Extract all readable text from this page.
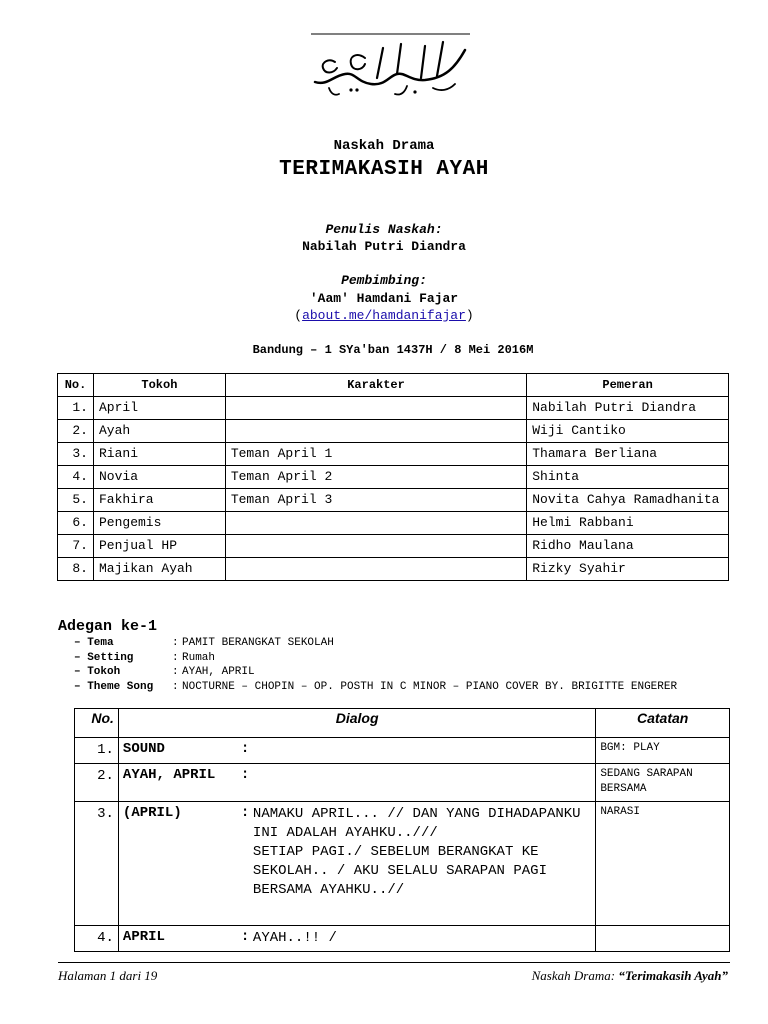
Naskah Drama
TERIMAKASIH AYAH
Penulis Naskah:
Nabilah Putri Diandra
Pembimbing:
'Aam' Hamdani Fajar
(about.me/hamdanifajar)
Bandung – 1 SYa'ban 1437H / 8 Mei 2016M
No.	Tokoh	Karakter	Pemeran
1.	April		Nabilah Putri Diandra
2.	Ayah		Wiji Cantiko
3.	Riani	Teman April 1	Thamara Berliana
4.	Novia	Teman April 2	Shinta
5.	Fakhira	Teman April 3	Novita Cahya Ramadhanita
6.	Pengemis		Helmi Rabbani
7.	Penjual HP		Ridho Maulana
8.	Majikan Ayah		Rizky Syahir
Adegan ke-1
– Tema	: PAMIT BERANGKAT SEKOLAH
– Setting	: Rumah
– Tokoh	: AYAH, APRIL
– Theme Song	: NOCTURNE – CHOPIN – OP. POSTH IN C MINOR – PIANO COVER BY. BRIGITTE ENGERER
No.	Dialog	Catatan
1.	SOUND :	BGM: PLAY
2.	AYAH, APRIL :	SEDANG SARAPAN BERSAMA
3.	(APRIL) : NAMAKU APRIL... // DAN YANG DIHADAPANKU INI ADALAH AYAHKU..///
SETIAP PAGI./ SEBELUM BERANGKAT KE SEKOLAH.. / AKU SELALU SARAPAN PAGI BERSAMA AYAHKU..//	NARASI
4.	APRIL : AYAH..!! /	

Halaman 1 dari 19	Naskah Drama: “Terimakasih Ayah”
